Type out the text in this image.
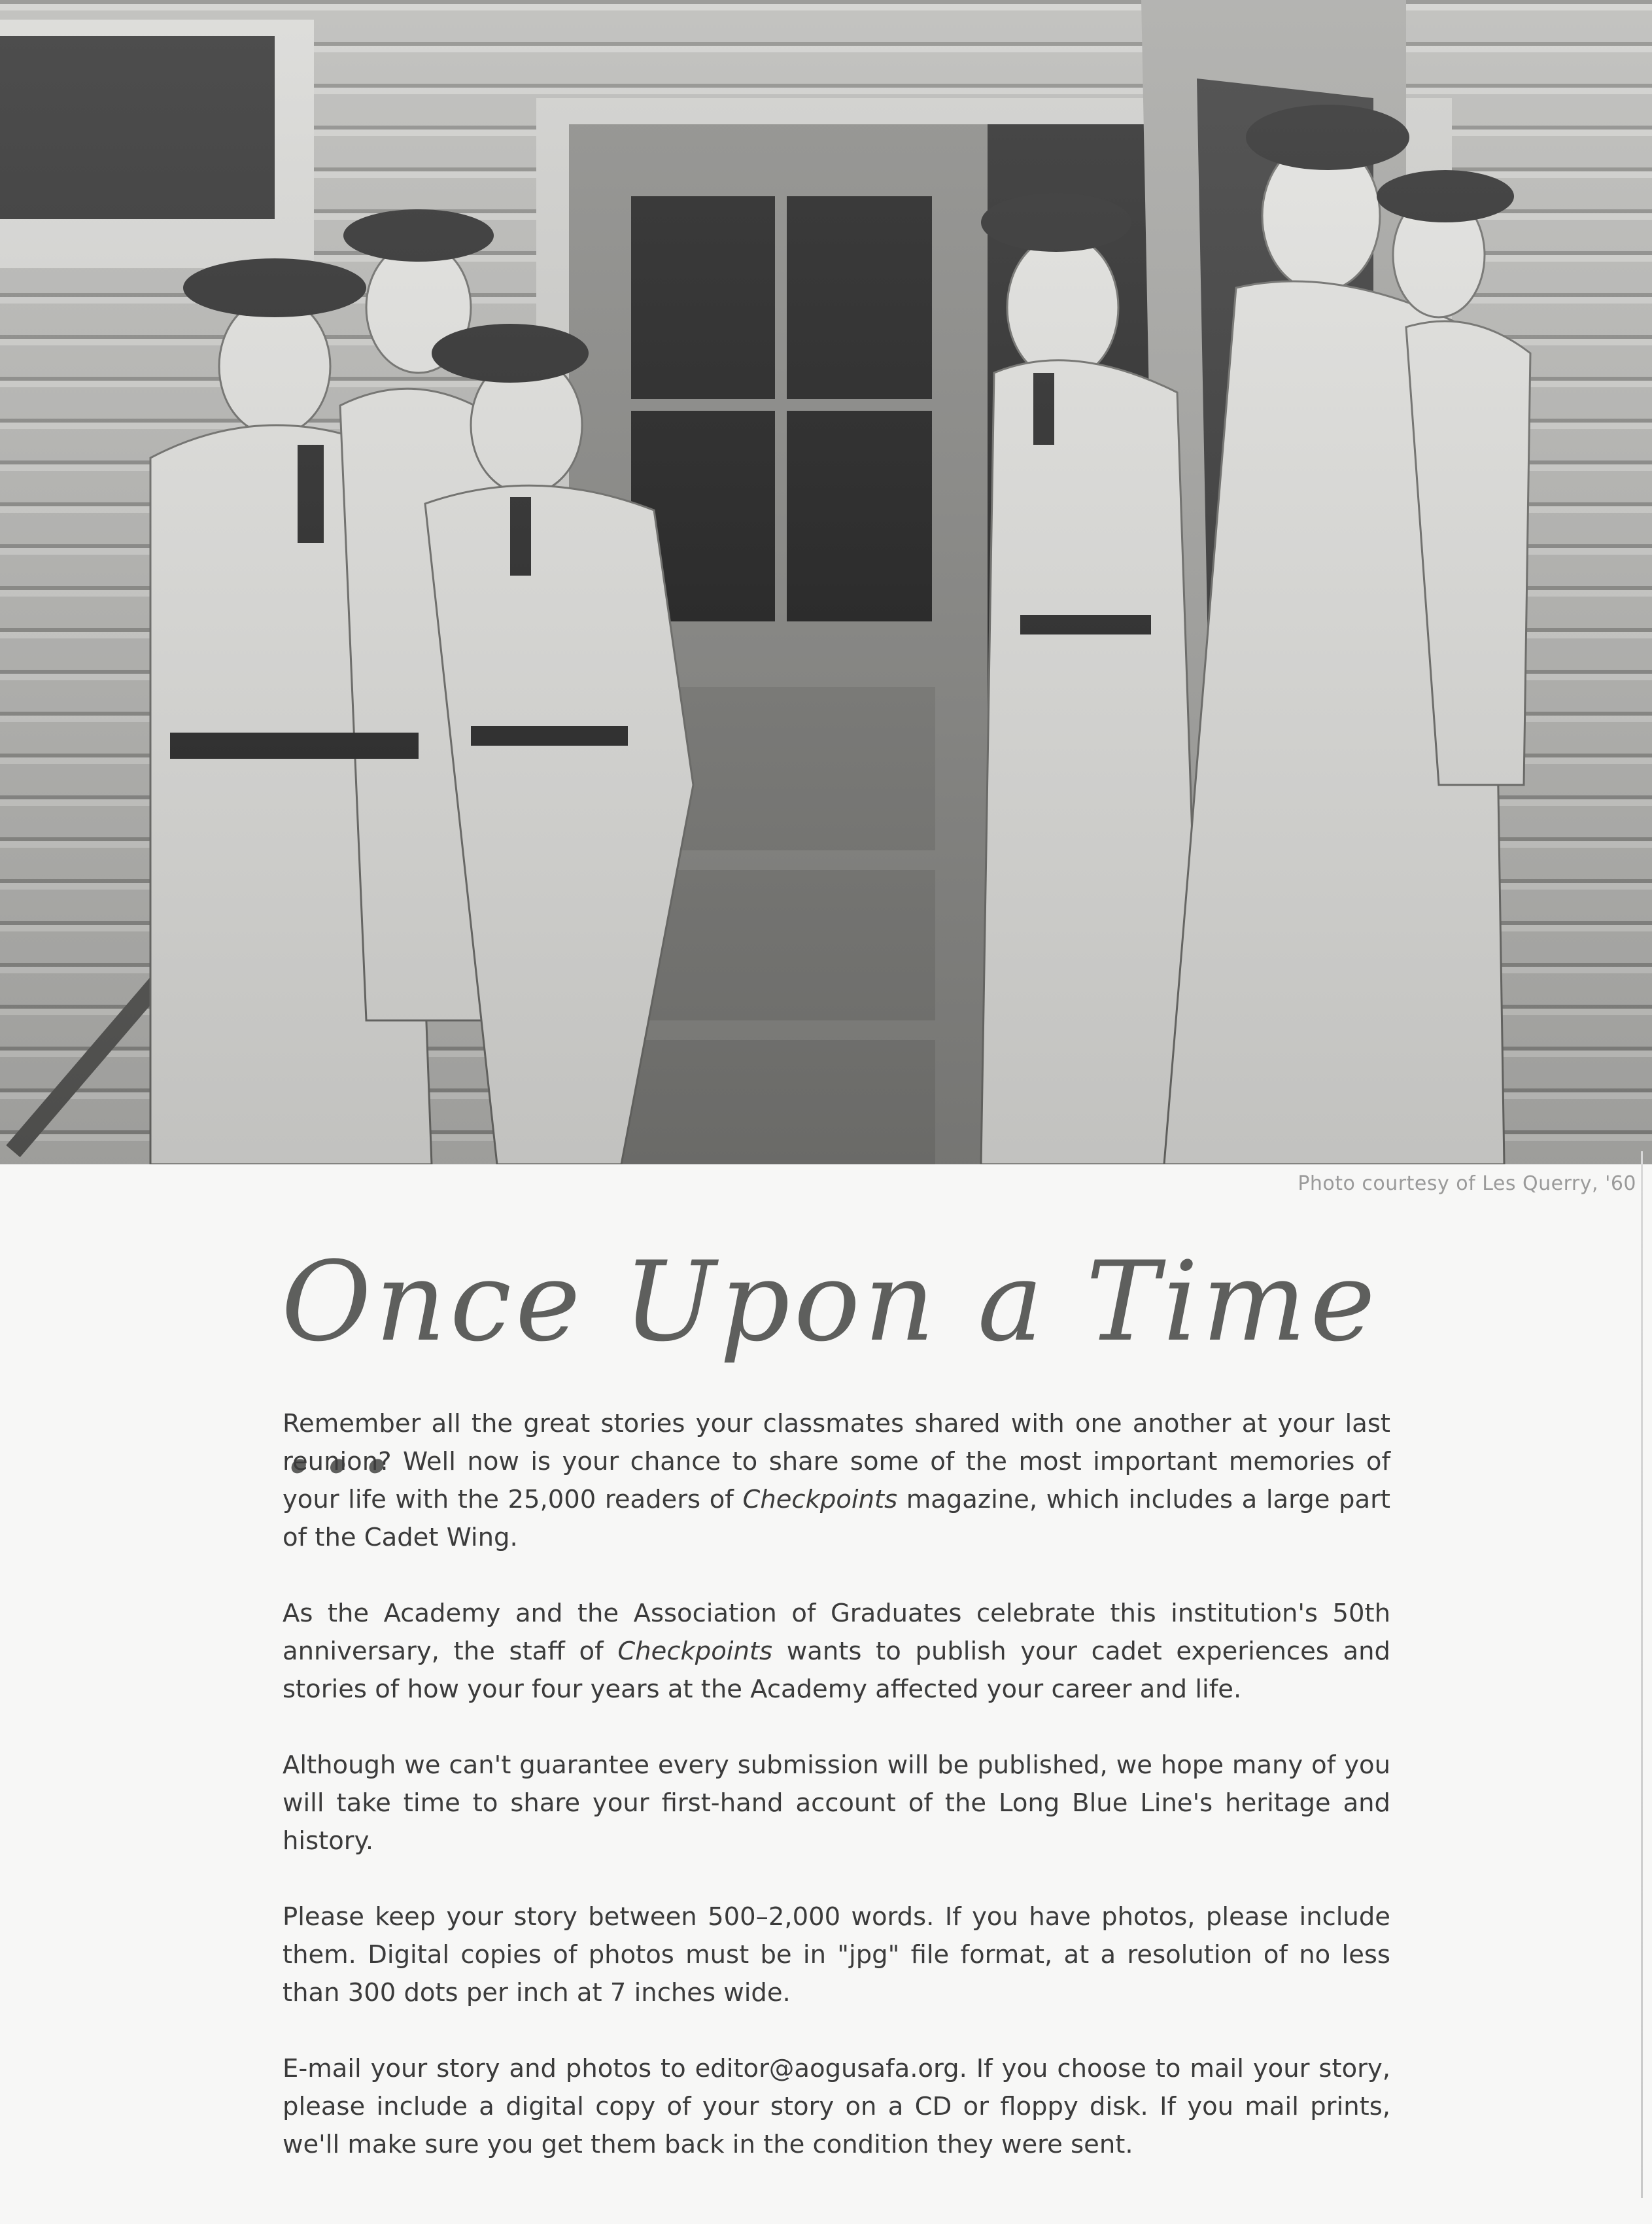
Photo courtesy of Les Querry, '60
Once Upon a Time ...

Remember all the great stories your classmates shared with one another at your last reunion? Well now is your chance to share some of the most important memories of your life with the 25,000 readers of Checkpoints magazine, which includes a large part of the Cadet Wing.

As the Academy and the Association of Graduates celebrate this institution's 50th anniversary, the staff of Checkpoints wants to publish your cadet experiences and stories of how your four years at the Academy affected your career and life.

Although we can't guarantee every submission will be published, we hope many of you will take time to share your first-hand account of the Long Blue Line's heritage and history.

Please keep your story between 500–2,000 words. If you have photos, please include them. Digital copies of photos must be in "jpg" file format, at a resolution of no less than 300 dots per inch at 7 inches wide.

E-mail your story and photos to editor@aogusafa.org. If you choose to mail your story, please include a digital copy of your story on a CD or floppy disk. If you mail prints, we'll make sure you get them back in the condition they were sent.
